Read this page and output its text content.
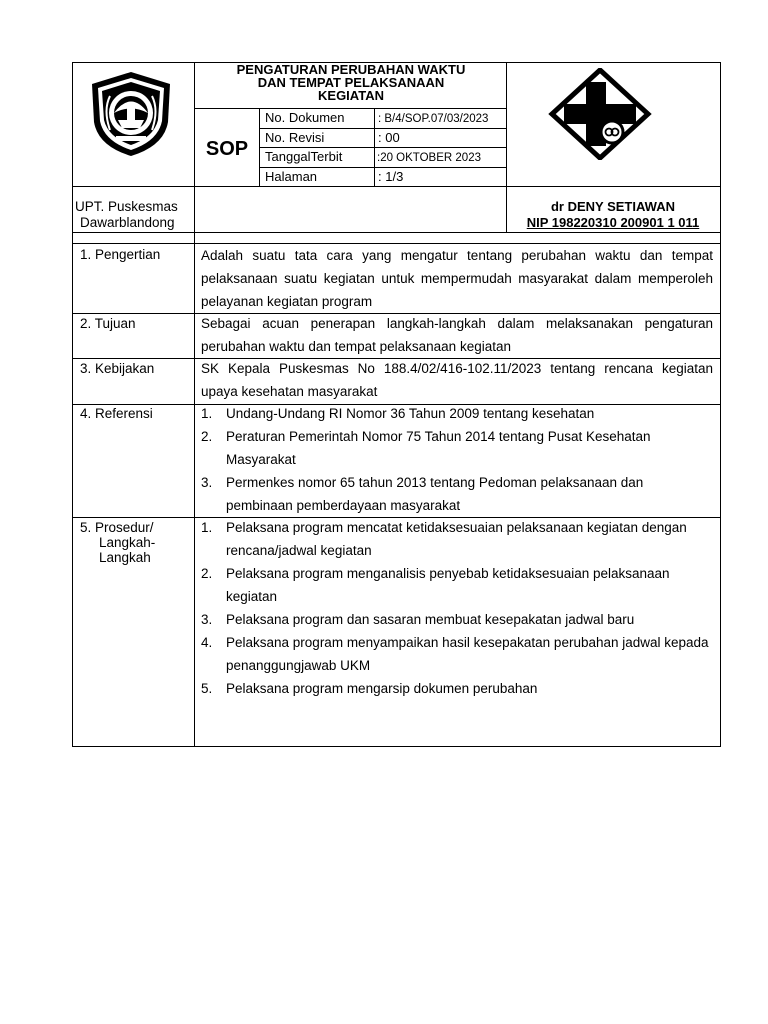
PENGATURAN PERUBAHAN WAKTU
DAN TEMPAT PELAKSANAAN
KEGIATAN
SOP
No. Dokumen	: B/4/SOP.07/03/2023
No. Revisi	: 00
TanggalTerbit	:20 OKTOBER 2023
Halaman	: 1/3
UPT. Puskesmas
Dawarblandong
dr DENY SETIAWAN
NIP 198220310 200901 1 011
1. Pengertian	Adalah suatu tata cara yang mengatur tentang perubahan waktu dan tempat pelaksanaan suatu kegiatan untuk mempermudah masyarakat dalam memperoleh pelayanan kegiatan program
2. Tujuan	Sebagai acuan penerapan langkah-langkah dalam melaksanakan pengaturan perubahan waktu dan tempat pelaksanaan kegiatan
3. Kebijakan	SK Kepala Puskesmas No 188.4/02/416-102.11/2023 tentang rencana kegiatan upaya kesehatan masyarakat
4. Referensi	1. Undang-Undang RI Nomor 36 Tahun 2009 tentang kesehatan
2. Peraturan Pemerintah Nomor 75 Tahun 2014 tentang Pusat Kesehatan Masyarakat
3. Permenkes nomor 65 tahun 2013 tentang Pedoman pelaksanaan dan pembinaan pemberdayaan masyarakat
5. Prosedur/
Langkah-
Langkah
1. Pelaksana program mencatat ketidaksesuaian pelaksanaan kegiatan dengan rencana/jadwal kegiatan
2. Pelaksana program menganalisis penyebab ketidaksesuaian pelaksanaan kegiatan
3. Pelaksana program dan sasaran membuat kesepakatan jadwal baru
4. Pelaksana program menyampaikan hasil kesepakatan perubahan jadwal kepada penanggungjawab UKM
5. Pelaksana program mengarsip dokumen perubahan
